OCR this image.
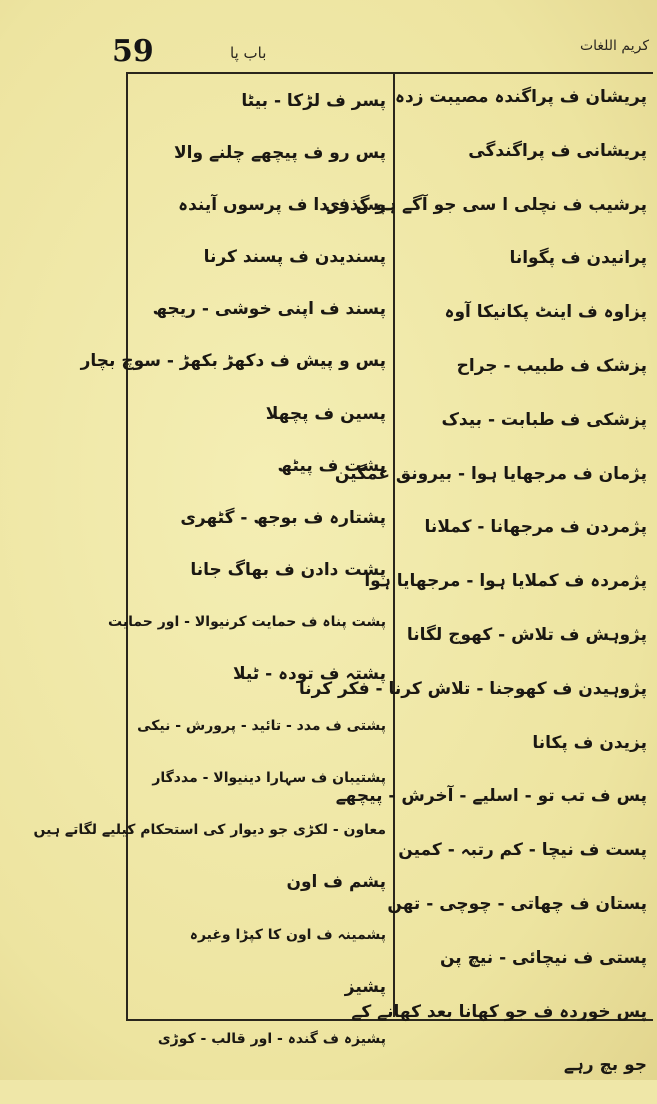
59	باب پا	کریم اللغات
پریشان ف پراگندہ مصیبت زدہ
پریشانی ف پراگندگی
پرشیب ف نچلی ا سی جو آگے ہو گذری
پرانیدن ف پگوانا
پزاوہ ف اینٹ پکانیکا آوہ
پزشک ف طبیب - جراح
پزشکی ف طبابت - بیدک
پژمان ف مرجھایا ہوا - بیرونق غمگین
پژمردن ف مرجھانا - کملانا
پژمردہ ف کملایا ہوا - مرجھایا ہوا
پژوہش ف تلاش - کھوج لگانا
پژوہیدن ف کھوجنا - تلاش کرنا - فکر کرنا
پزیدن ف پکانا
پس ف تب تو - اسلیے - آخرش - پیچھے
پست ف نیچا - کم رتبہ - کمین
پستان ف چھاتی - چوچی - تھن
پستی ف نیچائی - نیچ پن
پس خوردہ ف جو کھانا بعد کھانے کے
جو بچ رہے
پسر ف لڑکا - بیٹا
پس رو ف پیچھے چلنے والا
پس فردا ف پرسوں آیندہ
پسندیدن ف پسند کرنا
پسند ف اپنی خوشی - ریجھ
پس و پیش ف دکھڑ بکھڑ - سوچ بچار
پسین ف پچھلا
پشت ف پیٹھ
پشتارہ ف بوجھ - گٹھری
پشت دادن ف بھاگ جانا
پشت پناہ ف حمایت کرنیوالا - اور حمایت
پشتہ ف تودہ - ٹیلا
پشتی ف مدد - تائید - پرورش - نیکی
پشتیبان ف سہارا دینیوالا - مددگار
معاون - لکڑی جو دیوار کی استحکام کیلیے لگاتے ہیں
پشم ف اون
پشمینہ ف اون کا کپڑا وغیرہ
پشیز
پشیزہ ف گندہ - اور قالب - کوڑی
